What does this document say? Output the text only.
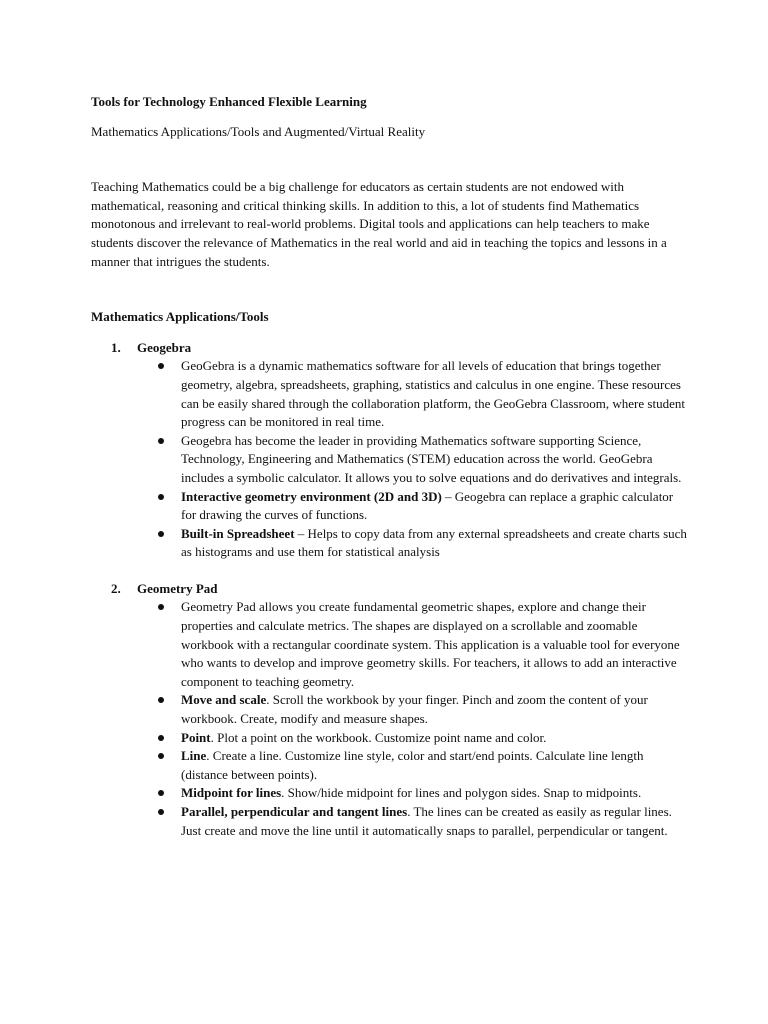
Tools for Technology Enhanced Flexible Learning

Mathematics Applications/Tools and Augmented/Virtual Reality

Teaching Mathematics could be a big challenge for educators as certain students are not endowed with mathematical, reasoning and critical thinking skills. In addition to this, a lot of students find Mathematics monotonous and irrelevant to real-world problems. Digital tools and applications can help teachers to make students discover the relevance of Mathematics in the real world and aid in teaching the topics and lessons in a manner that intrigues the students.

Mathematics Applications/Tools

1.	Geogebra
GeoGebra is a dynamic mathematics software for all levels of education that brings together geometry, algebra, spreadsheets, graphing, statistics and calculus in one engine. These resources can be easily shared through the collaboration platform, the GeoGebra Classroom, where student progress can be monitored in real time.
Geogebra has become the leader in providing Mathematics software supporting Science, Technology, Engineering and Mathematics (STEM) education across the world. GeoGebra includes a symbolic calculator. It allows you to solve equations and do derivatives and integrals.
Interactive geometry environment (2D and 3D) – Geogebra can replace a graphic calculator for drawing the curves of functions.
Built-in Spreadsheet – Helps to copy data from any external spreadsheets and create charts such as histograms and use them for statistical analysis
2.	Geometry Pad
Geometry Pad allows you create fundamental geometric shapes, explore and change their properties and calculate metrics. The shapes are displayed on a scrollable and zoomable workbook with a rectangular coordinate system. This application is a valuable tool for everyone who wants to develop and improve geometry skills. For teachers, it allows to add an interactive component to teaching geometry.
Move and scale. Scroll the workbook by your finger. Pinch and zoom the content of your workbook. Create, modify and measure shapes.
Point. Plot a point on the workbook. Customize point name and color.
Line. Create a line. Customize line style, color and start/end points. Calculate line length (distance between points).
Midpoint for lines. Show/hide midpoint for lines and polygon sides. Snap to midpoints.
Parallel, perpendicular and tangent lines. The lines can be created as easily as regular lines. Just create and move the line until it automatically snaps to parallel, perpendicular or tangent.
